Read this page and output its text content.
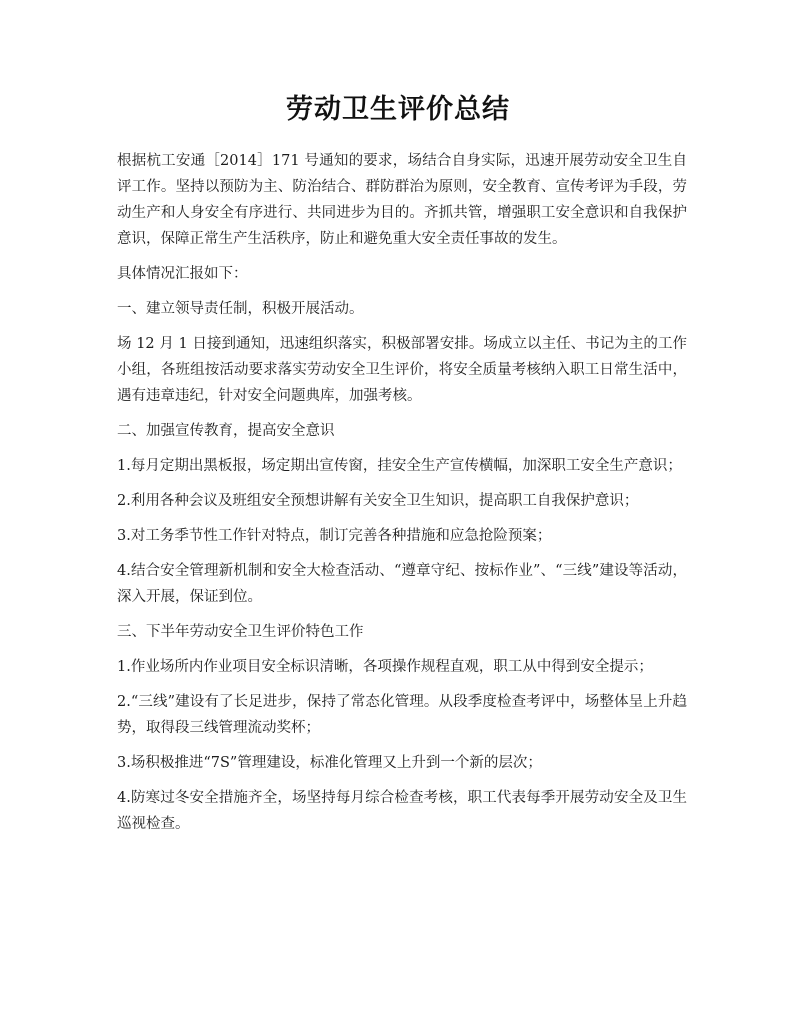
劳动卫生评价总结

根据杭工安通［2014］171 号通知的要求，场结合自身实际，迅速开展劳动安全卫生自评工作。坚持以预防为主、防治结合、群防群治为原则，安全教育、宣传考评为手段，劳动生产和人身安全有序进行、共同进步为目的。齐抓共管，增强职工安全意识和自我保护意识，保障正常生产生活秩序，防止和避免重大安全责任事故的发生。

具体情况汇报如下：

一、建立领导责任制，积极开展活动。

场 12 月 1 日接到通知，迅速组织落实，积极部署安排。场成立以主任、书记为主的工作小组，各班组按活动要求落实劳动安全卫生评价，将安全质量考核纳入职工日常生活中，遇有违章违纪，针对安全问题典库，加强考核。

二、加强宣传教育，提高安全意识

1.每月定期出黑板报，场定期出宣传窗，挂安全生产宣传横幅，加深职工安全生产意识；

2.利用各种会议及班组安全预想讲解有关安全卫生知识，提高职工自我保护意识；

3.对工务季节性工作针对特点，制订完善各种措施和应急抢险预案；

4.结合安全管理新机制和安全大检查活动、“遵章守纪、按标作业”、“三线”建设等活动，深入开展，保证到位。

三、下半年劳动安全卫生评价特色工作

1.作业场所内作业项目安全标识清晰，各项操作规程直观，职工从中得到安全提示；

2.“三线”建设有了长足进步，保持了常态化管理。从段季度检查考评中，场整体呈上升趋势，取得段三线管理流动奖杯；

3.场积极推进“7S”管理建设，标准化管理又上升到一个新的层次；

4.防寒过冬安全措施齐全，场坚持每月综合检查考核，职工代表每季开展劳动安全及卫生巡视检查。
